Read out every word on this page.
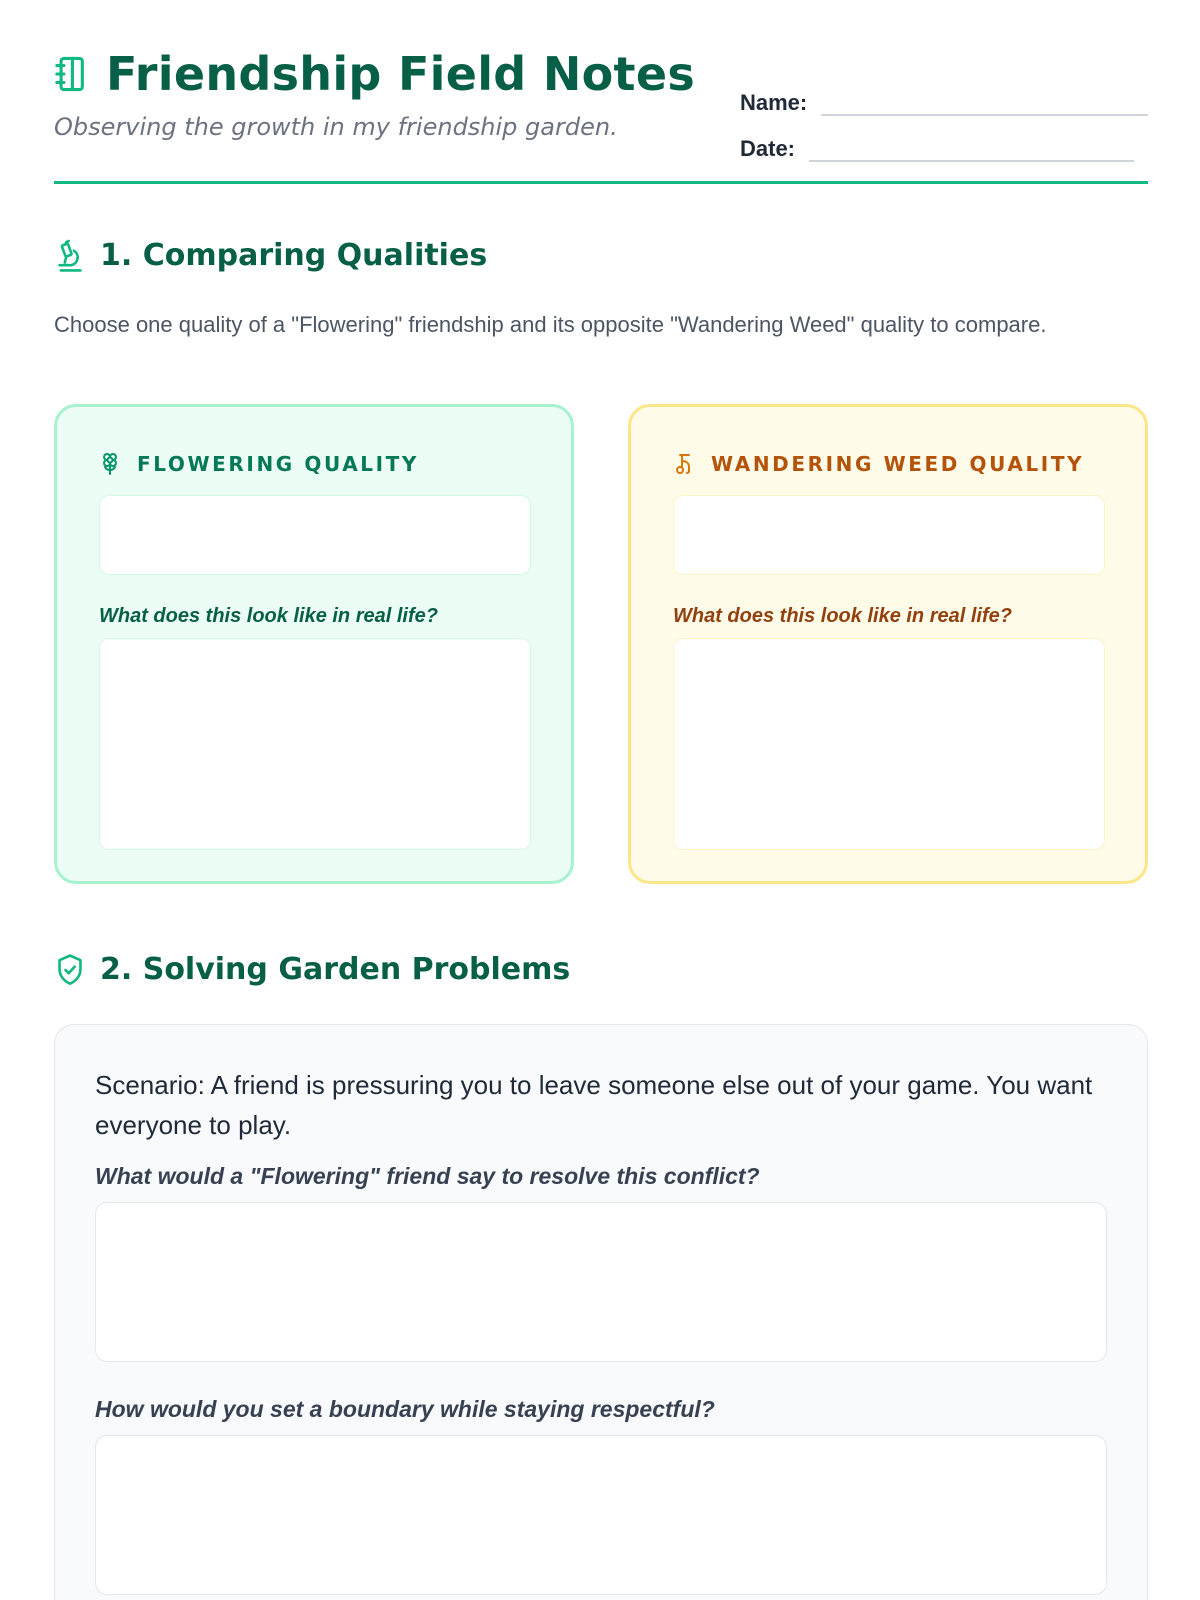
Friendship Field Notes
Observing the growth in my friendship garden.
Name:
Date:
1. Comparing Qualities

Choose one quality of a "Flowering" friendship and its opposite "Wandering Weed" quality to compare.

FLOWERING QUALITY
What does this look like in real life?
WANDERING WEED QUALITY
What does this look like in real life?
2. Solving Garden Problems

Scenario: A friend is pressuring you to leave someone else out of your game. You want everyone to play.

What would a "Flowering" friend say to resolve this conflict?
How would you set a boundary while staying respectful?
